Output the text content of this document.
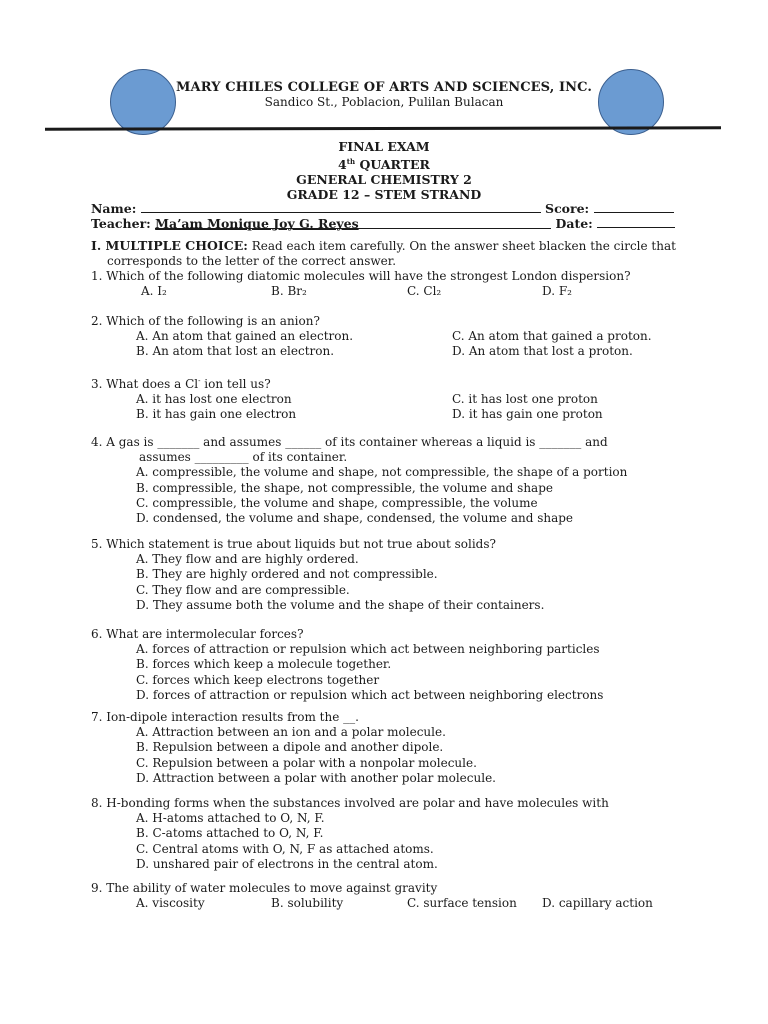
MARY CHILES COLLEGE OF ARTS AND SCIENCES, INC.
Sandico St., Poblacion, Pulilan Bulacan
FINAL EXAM
4th QUARTER
GENERAL CHEMISTRY 2
GRADE 12 – STEM STRAND
Name:	Score:
Teacher: Ma’am Monique Joy G. Reyes	Date:
I. MULTIPLE CHOICE: Read each item carefully. On the answer sheet blacken the circle that
corresponds to the letter of the correct answer.
1. Which of the following diatomic molecules will have the strongest London dispersion?
A. I₂	B. Br₂	C. Cl₂	D. F₂
2. Which of the following is an anion?
A. An atom that gained an electron.	C. An atom that gained a proton.
B. An atom that lost an electron.	D. An atom that lost a proton.
3. What does a Cl- ion tell us?
A. it has lost one electron	C. it has lost one proton
B. it has gain one electron	D. it has gain one proton
4. A gas is _______ and assumes ______ of its container whereas a liquid is _______ and
assumes _________ of its container.
A. compressible, the volume and shape, not compressible, the shape of a portion
B. compressible, the shape, not compressible, the volume and shape
C. compressible, the volume and shape, compressible, the volume
D. condensed, the volume and shape, condensed, the volume and shape
5. Which statement is true about liquids but not true about solids?
A. They flow and are highly ordered.
B. They are highly ordered and not compressible.
C. They flow and are compressible.
D. They assume both the volume and the shape of their containers.
6. What are intermolecular forces?
A. forces of attraction or repulsion which act between neighboring particles
B. forces which keep a molecule together.
C. forces which keep electrons together
D. forces of attraction or repulsion which act between neighboring electrons
7. Ion-dipole interaction results from the __.
A. Attraction between an ion and a polar molecule.
B. Repulsion between a dipole and another dipole.
C. Repulsion between a polar with a nonpolar molecule.
D. Attraction between a polar with another polar molecule.
8. H-bonding forms when the substances involved are polar and have molecules with
A. H-atoms attached to O, N, F.
B. C-atoms attached to O, N, F.
C. Central atoms with O, N, F as attached atoms.
D. unshared pair of electrons in the central atom.
9. The ability of water molecules to move against gravity
A. viscosity	B. solubility	C. surface tension D. capillary action
